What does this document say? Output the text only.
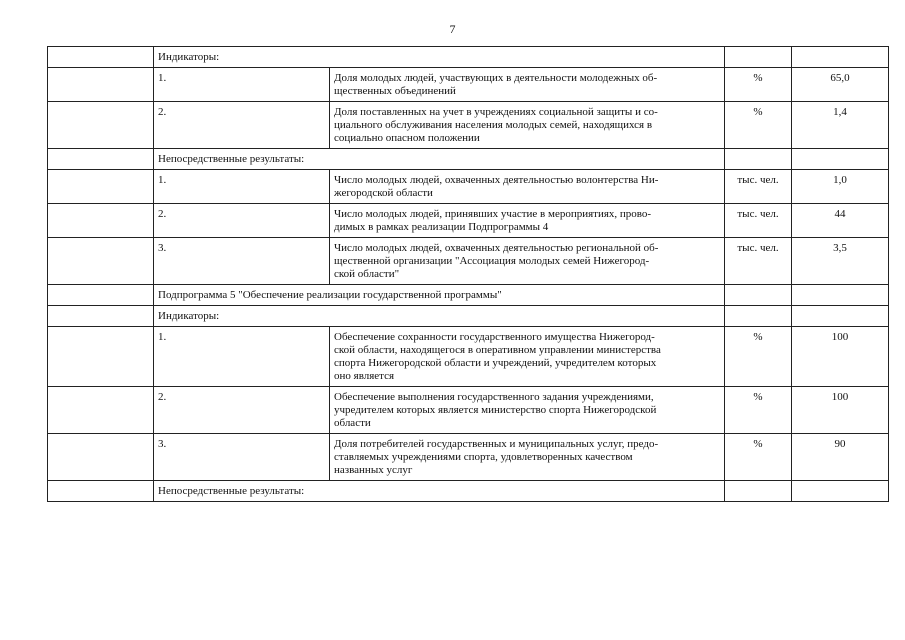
7
	Индикаторы:			
	1.	Доля молодых людей, участвующих в деятельности молодежных об-
щественных объединений	%	65,0
	2.	Доля поставленных на учет в учреждениях социальной защиты и со-
циального обслуживания населения молодых семей, находящихся в
социально опасном положении	%	1,4
	Непосредственные результаты:			
	1.	Число молодых людей, охваченных деятельностью волонтерства Ни-
жегородской области	тыс. чел.	1,0
	2.	Число молодых людей, принявших участие в мероприятиях, прово-
димых в рамках реализации Подпрограммы 4	тыс. чел.	44
	3.	Число молодых людей, охваченных деятельностью региональной об-
щественной организации "Ассоциация молодых семей Нижегород-
ской области"	тыс. чел.	3,5
	Подпрограмма 5 "Обеспечение реализации государственной программы"			
	Индикаторы:			
	1.	Обеспечение сохранности государственного имущества Нижегород-
ской области, находящегося в оперативном управлении министерства
спорта Нижегородской области и учреждений, учредителем которых
оно является	%	100
	2.	Обеспечение выполнения государственного задания учреждениями,
учредителем которых является министерство спорта Нижегородской
области	%	100
	3.	Доля потребителей государственных и муниципальных услуг, предо-
ставляемых учреждениями спорта, удовлетворенных качеством
названных услуг	%	90
	Непосредственные результаты:			
